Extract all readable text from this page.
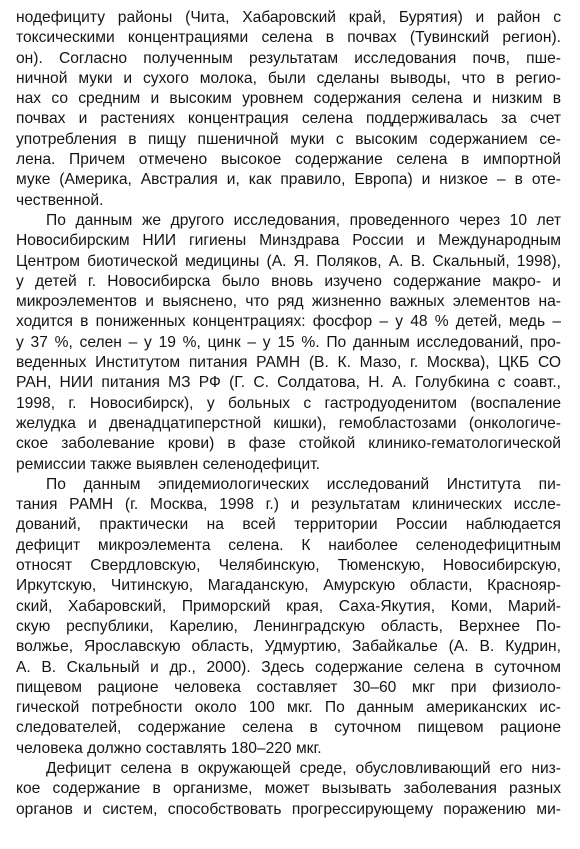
нодефициту районы (Чита, Хабаровский край, Бурятия) и район с
токсическими концентрациями селена в почвах (Тувинский регион).
он). Согласно полученным результатам исследования почв, пше-
ничной муки и сухого молока, были сделаны выводы, что в регио-
нах со средним и высоким уровнем содержания селена и низким в
почвах и растениях концентрация селена поддерживалась за счет
употребления в пищу пшеничной муки с высоким содержанием се-
лена. Причем отмечено высокое содержание селена в импортной
муке (Америка, Австралия и, как правило, Европа) и низкое – в оте-
чественной.
По данным же другого исследования, проведенного через 10 лет
Новосибирским НИИ гигиены Минздрава России и Международным
Центром биотической медицины (А. Я. Поляков, А. В. Скальный, 1998),
у детей г. Новосибирска было вновь изучено содержание макро- и
микроэлементов и выяснено, что ряд жизненно важных элементов на-
ходится в пониженных концентрациях: фосфор – у 48 % детей, медь –
у 37 %, селен – у 19 %, цинк – у 15 %. По данным исследований, про-
веденных Институтом питания РАМН (В. К. Мазо, г. Москва), ЦКБ СО
РАН, НИИ питания МЗ РФ (Г. С. Солдатова, Н. А. Голубкина с соавт.,
1998, г. Новосибирск), у больных с гастродуоденитом (воспаление
желудка и двенадцатиперстной кишки), гемобластозами (онкологиче-
ское заболевание крови) в фазе стойкой клинико-гематологической
ремиссии также выявлен селенодефицит.
По данным эпидемиологических исследований Института пи-
тания РАМН (г. Москва, 1998 г.) и результатам клинических иссле-
дований, практически на всей территории России наблюдается
дефицит микроэлемента селена. К наиболее селенодефицитным
относят Свердловскую, Челябинскую, Тюменскую, Новосибирскую,
Иркутскую, Читинскую, Магаданскую, Амурскую области, Краснояр-
ский, Хабаровский, Приморский края, Саха-Якутия, Коми, Марий-
скую республики, Карелию, Ленинградскую область, Верхнее По-
волжье, Ярославскую область, Удмуртию, Забайкалье (А. В. Кудрин,
А. В. Скальный и др., 2000). Здесь содержание селена в суточном
пищевом рационе человека составляет 30–60 мкг при физиоло-
гической потребности около 100 мкг. По данным американских ис-
следователей, содержание селена в суточном пищевом рационе
человека должно составлять 180–220 мкг.
Дефицит селена в окружающей среде, обусловливающий его низ-
кое содержание в организме, может вызывать заболевания разных
органов и систем, способствовать прогрессирующему поражению ми-
